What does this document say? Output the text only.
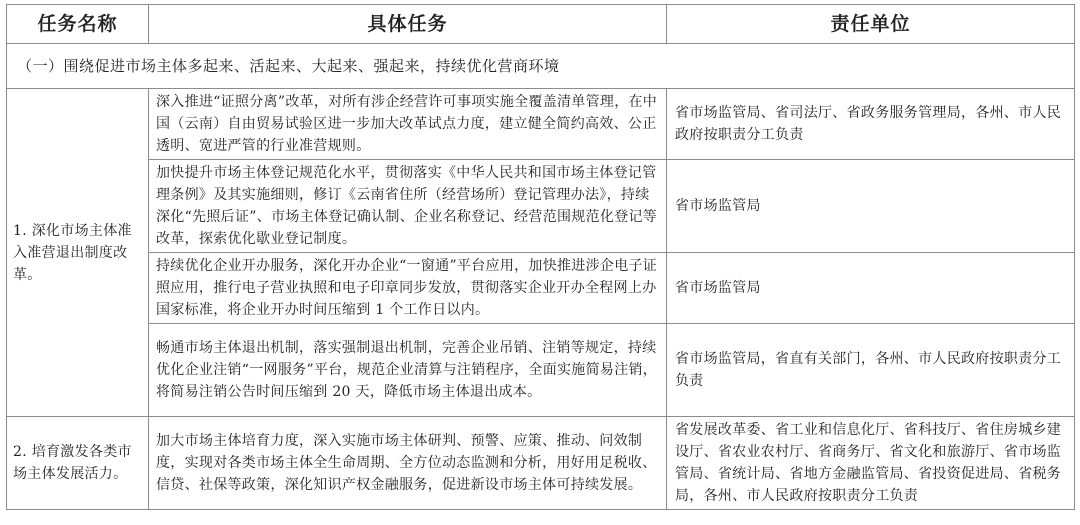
任务名称	具体任务	责任单位
（一）围绕促进市场主体多起来、活起来、大起来、强起来，持续优化营商环境		
1. 深化市场主体准入准营退出制度改革。	深入推进“证照分离”改革，对所有涉企经营许可事项实施全覆盖清单管理，在中国（云南）自由贸易试验区进一步加大改革试点力度，建立健全简约高效、公正透明、宽进严管的行业准营规则。	省市场监管局、省司法厅、省政务服务管理局，各州、市人民政府按职责分工负责
	加快提升市场主体登记规范化水平，贯彻落实《中华人民共和国市场主体登记管理条例》及其实施细则，修订《云南省住所（经营场所）登记管理办法》，持续深化“先照后证”、市场主体登记确认制、企业名称登记、经营范围规范化登记等改革，探索优化歇业登记制度。	省市场监管局
	持续优化企业开办服务，深化开办企业“一窗通”平台应用，加快推进涉企电子证照应用，推行电子营业执照和电子印章同步发放，贯彻落实企业开办全程网上办国家标准，将企业开办时间压缩到 1 个工作日以内。	省市场监管局
	畅通市场主体退出机制，落实强制退出机制，完善企业吊销、注销等规定，持续优化企业注销“一网服务”平台，规范企业清算与注销程序，全面实施简易注销，将简易注销公告时间压缩到 20 天，降低市场主体退出成本。	省市场监管局，省直有关部门，各州、市人民政府按职责分工负责
2. 培育激发各类市场主体发展活力。	加大市场主体培育力度，深入实施市场主体研判、预警、应策、推动、问效制度，实现对各类市场主体全生命周期、全方位动态监测和分析，用好用足税收、信贷、社保等政策，深化知识产权金融服务，促进新设市场主体可持续发展。	省发展改革委、省工业和信息化厅、省科技厅、省住房城乡建设厅、省农业农村厅、省商务厅、省文化和旅游厅、省市场监管局、省统计局、省地方金融监管局、省投资促进局、省税务局，各州、市人民政府按职责分工负责
